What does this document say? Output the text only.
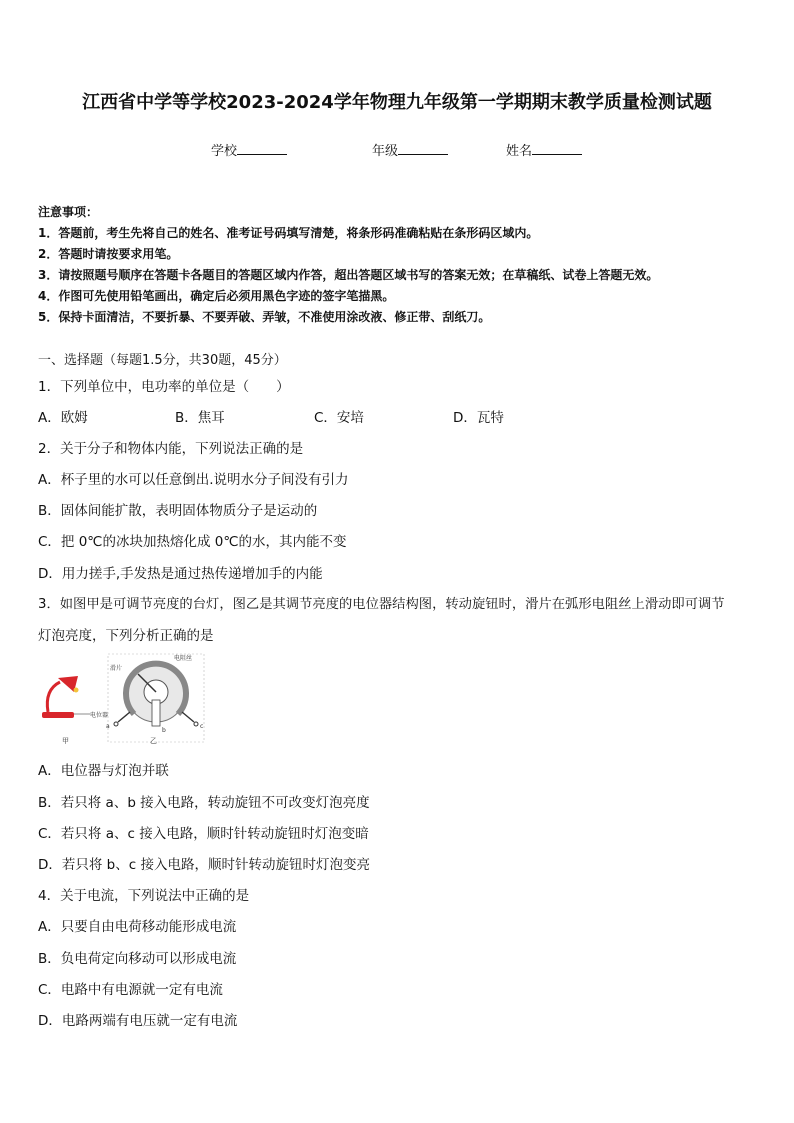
江西省中学等学校2023-2024学年物理九年级第一学期期末教学质量检测试题
学校	年级	姓名
注意事项：
1．答题前，考生先将自己的姓名、准考证号码填写清楚，将条形码准确粘贴在条形码区域内。
2．答题时请按要求用笔。
3．请按照题号顺序在答题卡各题目的答题区域内作答，超出答题区域书写的答案无效；在草稿纸、试卷上答题无效。
4．作图可先使用铅笔画出，确定后必须用黑色字迹的签字笔描黑。
5．保持卡面清洁，不要折暴、不要弄破、弄皱，不准使用涂改液、修正带、刮纸刀。
一、选择题（每题1.5分，共30题，45分）
1．下列单位中，电功率的单位是（　　）
A．欧姆	B．焦耳	C．安培	D．瓦特
2．关于分子和物体内能，下列说法正确的是
A．杯子里的水可以任意倒出.说明水分子间没有引力
B．固体间能扩散，表明固体物质分子是运动的
C．把 0℃的冰块加热熔化成 0℃的水，其内能不变
D．用力搓手,手发热是通过热传递增加手的内能
3．如图甲是可调节亮度的台灯，图乙是其调节亮度的电位器结构图，转动旋钮时，滑片在弧形电阻丝上滑动即可调节
灯泡亮度，下列分析正确的是
电位器
甲
滑片
电阻丝
a
b
c
乙
A．电位器与灯泡并联
B．若只将 a、b 接入电路，转动旋钮不可改变灯泡亮度
C．若只将 a、c 接入电路，顺时针转动旋钮时灯泡变暗
D．若只将 b、c 接入电路，顺时针转动旋钮时灯泡变亮
4．关于电流，下列说法中正确的是
A．只要自由电荷移动能形成电流
B．负电荷定向移动可以形成电流
C．电路中有电源就一定有电流
D．电路两端有电压就一定有电流
